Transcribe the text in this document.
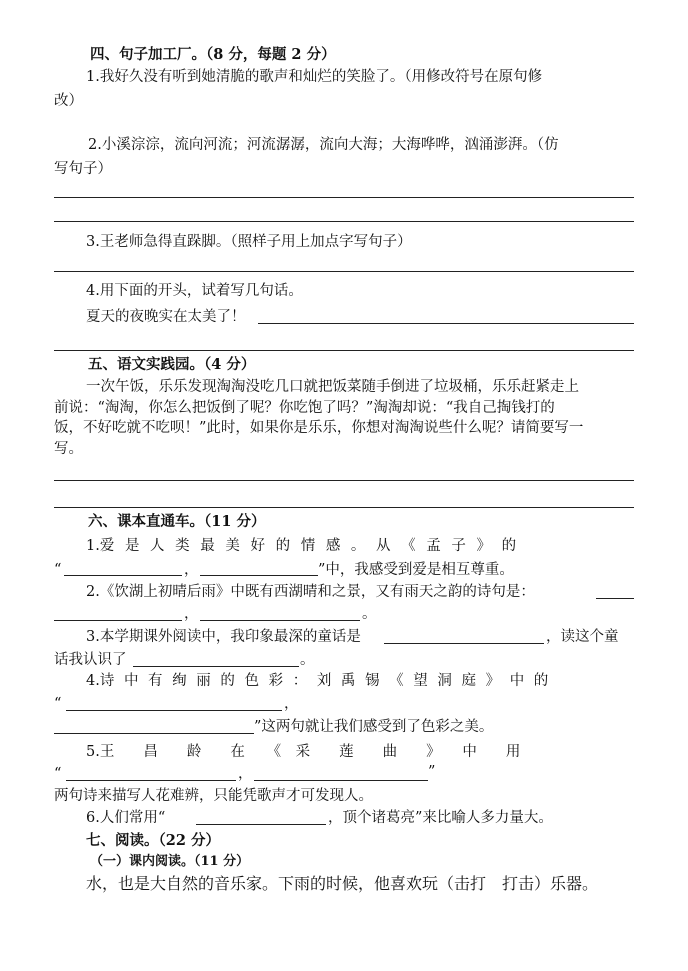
四、句子加工厂。（8 分，每题 2 分）
1.我好久没有听到她清脆的歌声和灿烂的笑脸了。（用修改符号在原句修
改）
2.小溪淙淙，流向河流；河流潺潺，流向大海；大海哗哗，汹涌澎湃。（仿
写句子）
3.王老师急得直跺脚。（照样子用上加点字写句子）
4.用下面的开头，试着写几句话。
夏天的夜晚实在太美了！
五、语文实践园。（4 分）
一次午饭，乐乐发现淘淘没吃几口就把饭菜随手倒进了垃圾桶，乐乐赶紧走上
前说：“淘淘，你怎么把饭倒了呢？你吃饱了吗？”淘淘却说：“我自己掏钱打的
饭，不好吃就不吃呗！”此时，如果你是乐乐，你想对淘淘说些什么呢？请简要写一
写。
六、课本直通车。（11 分）
1.爱 是 人 类 最 美 好 的 情 感 。 从 《 孟 子 》 的
“	，	”中，我感受到爱是相互尊重。
2.《饮湖上初晴后雨》中既有西湖晴和之景，又有雨天之韵的诗句是：
，	。
3.本学期课外阅读中，我印象最深的童话是	，读这个童
话我认识了	。
4.诗 中 有 绚 丽 的 色 彩 ： 刘 禹 锡 《 望 洞 庭 》 中 的
“	，
”这两句就让我们感受到了色彩之美。
5.王　　昌　　龄　　在　　《　采　　莲　　曲　　》　　中　　用
“	，	”
两句诗来描写人花难辨，只能凭歌声才可发现人。
6.人们常用“	，顶个诸葛亮”来比喻人多力量大。
七、阅读。（22 分）
（一）课内阅读。（11 分）
水，也是大自然的音乐家。下雨的时候，他喜欢玩（击打　打击）乐器。
